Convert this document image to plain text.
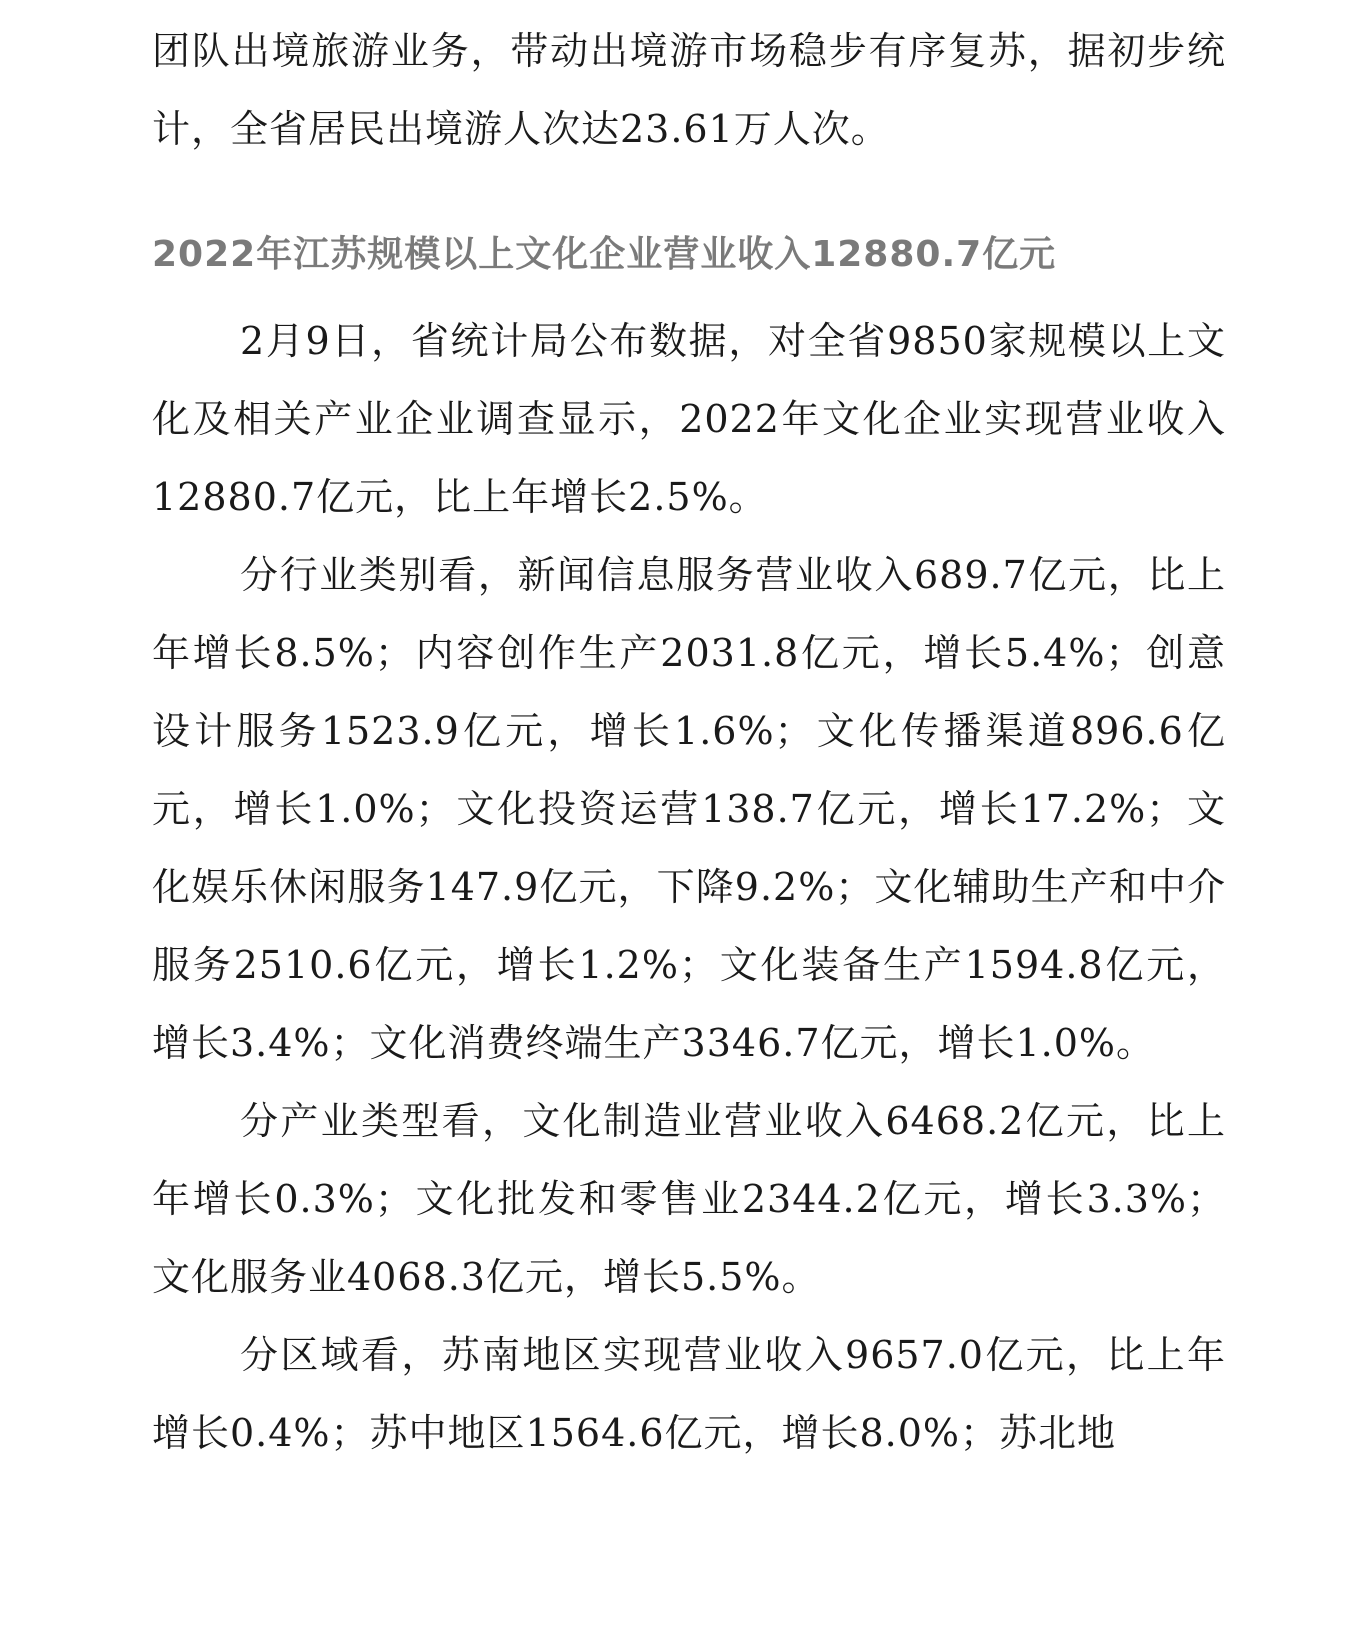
团队出境旅游业务，带动出境游市场稳步有序复苏，据初步统计，全省居民出境游人次达23.61万人次。

2022年江苏规模以上文化企业营业收入12880.7亿元

2月9日，省统计局公布数据，对全省9850家规模以上文化及相关产业企业调查显示，2022年文化企业实现营业收入12880.7亿元，比上年增长2.5%。

分行业类别看，新闻信息服务营业收入689.7亿元，比上年增长8.5%；内容创作生产2031.8亿元，增长5.4%；创意设计服务1523.9亿元，增长1.6%；文化传播渠道896.6亿元，增长1.0%；文化投资运营138.7亿元，增长17.2%；文化娱乐休闲服务147.9亿元，下降9.2%；文化辅助生产和中介服务2510.6亿元，增长1.2%；文化装备生产1594.8亿元，增长3.4%；文化消费终端生产3346.7亿元，增长1.0%。

分产业类型看，文化制造业营业收入6468.2亿元，比上年增长0.3%；文化批发和零售业2344.2亿元，增长3.3%；文化服务业4068.3亿元，增长5.5%。

分区域看，苏南地区实现营业收入9657.0亿元，比上年增长0.4%；苏中地区1564.6亿元，增长8.0%；苏北地
